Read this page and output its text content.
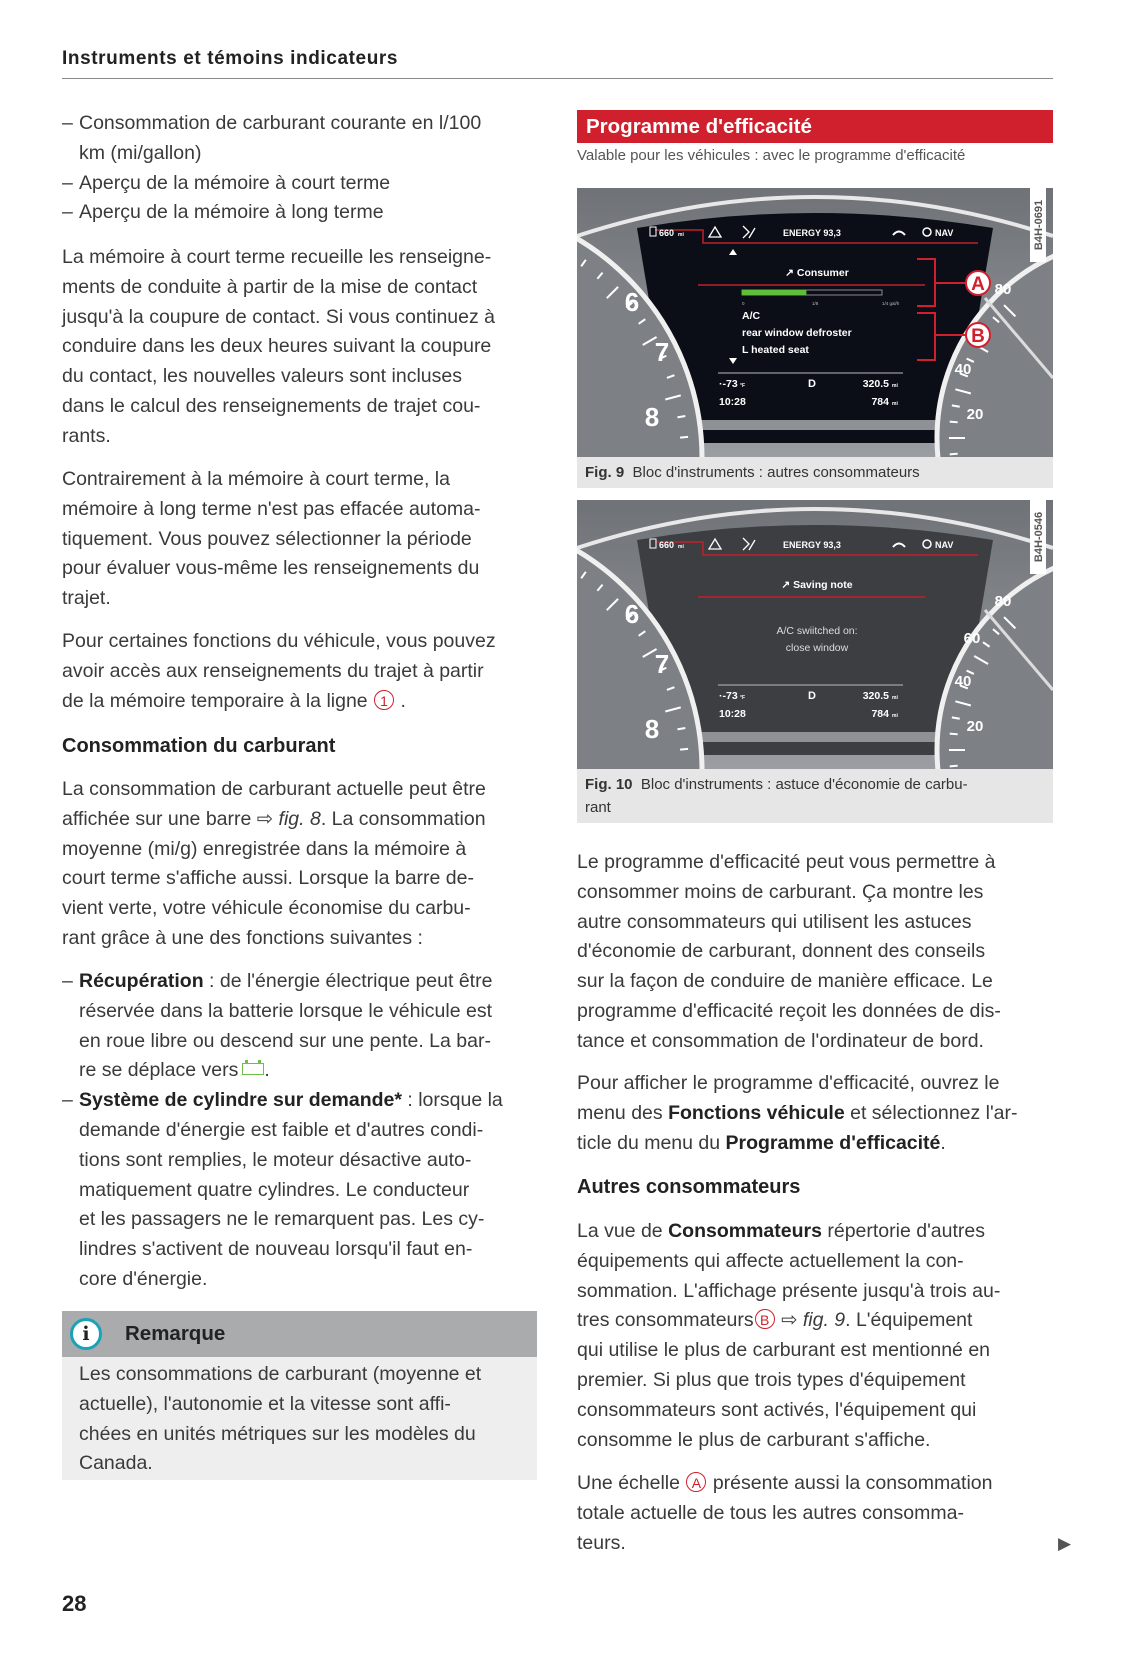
Instruments et témoins indicateurs
– Consommation de carburant courante en l/100
km (mi/gallon)
– Aperçu de la mémoire à court terme
– Aperçu de la mémoire à long terme
La mémoire à court terme recueille les renseigne-
ments de conduite à partir de la mise de contact
jusqu'à la coupure de contact. Si vous continuez à
conduire dans les deux heures suivant la coupure
du contact, les nouvelles valeurs sont incluses
dans le calcul des renseignements de trajet cou-
rants.
Contrairement à la mémoire à court terme, la
mémoire à long terme n'est pas effacée automa-
tiquement. Vous pouvez sélectionner la période
pour évaluer vous-même les renseignements du
trajet.
Pour certaines fonctions du véhicule, vous pouvez
avoir accès aux renseignements du trajet à partir
de la mémoire temporaire à la ligne 1 .
Consommation du carburant
La consommation de carburant actuelle peut être
affichée sur une barre ⇨ fig. 8. La consommation
moyenne (mi/g) enregistrée dans la mémoire à
court terme s'affiche aussi. Lorsque la barre de-
vient verte, votre véhicule économise du carbu-
rant grâce à une des fonctions suivantes :
– Récupération : de l'énergie électrique peut être
réservée dans la batterie lorsque le véhicule est
en roue libre ou descend sur une pente. La bar-
re se déplace vers .
– Système de cylindre sur demande* : lorsque la
demande d'énergie est faible et d'autres condi-
tions sont remplies, le moteur désactive auto-
matiquement quatre cylindres. Le conducteur
et les passagers ne le remarquent pas. Les cy-
lindres s'activent de nouveau lorsqu'il faut en-
core d'énergie.
i	Remarque
Les consommations de carburant (moyenne et
actuelle), l'autonomie et la vitesse sont affi-
chées en unités métriques sur les modèles du
Canada.
Programme d'efficacité
Valable pour les véhicules : avec le programme d'efficacité
6
7
8
80
40
20
660 mi	ENERGY 93,3	NAV
↗ Consumer
0	1/8	1/4 gal/h
A/C
rear window defroster
L heated seat
A
B
·-73 °F	D	320.5 mi
10:28	784 mi
B4H-0691
Fig. 9 Bloc d'instruments : autres consommateurs
6
7
8
80
60
40
20
660 mi	ENERGY 93,3	NAV
↗ Saving note
A/C swiitched on:
close window
·-73 °F	D	320.5 mi
10:28	784 mi
B4H-0546
Fig. 10 Bloc d'instruments : astuce d'économie de carbu-
rant
Le programme d'efficacité peut vous permettre à
consommer moins de carburant. Ça montre les
autre consommateurs qui utilisent les astuces
d'économie de carburant, donnent des conseils
sur la façon de conduire de manière efficace. Le
programme d'efficacité reçoit les données de dis-
tance et consommation de l'ordinateur de bord.
Pour afficher le programme d'efficacité, ouvrez le
menu des Fonctions véhicule et sélectionnez l'ar-
ticle du menu du Programme d'efficacité.
Autres consommateurs
La vue de Consommateurs répertorie d'autres
équipements qui affecte actuellement la con-
sommation. L'affichage présente jusqu'à trois au-
tres consommateurs B ⇨ fig. 9. L'équipement
qui utilise le plus de carburant est mentionné en
premier. Si plus que trois types d'équipement
consommateurs sont activés, l'équipement qui
consomme le plus de carburant s'affiche.
Une échelle A présente aussi la consommation
totale actuelle de tous les autres consomma-
teurs.
28
▶
